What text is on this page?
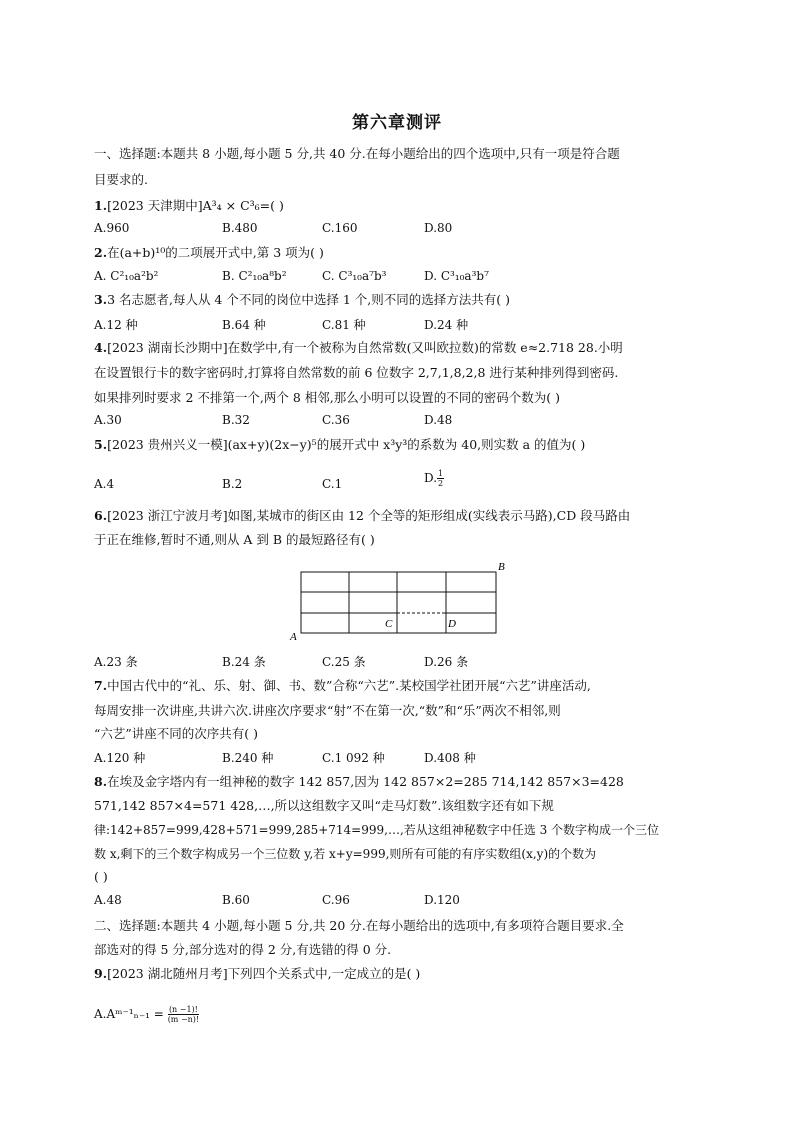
第六章测评
一、选择题:本题共 8 小题,每小题 5 分,共 40 分.在每小题给出的四个选项中,只有一项是符合题
目要求的.
1.[2023 天津期中]A³₄ × C³₆=( )
A.960	B.480	C.160	D.80
2.在(a+b)¹⁰的二项展开式中,第 3 项为( )
A. C²₁₀a²b²	B. C²₁₀a⁸b²	C. C³₁₀a⁷b³	D. C³₁₀a³b⁷
3.3 名志愿者,每人从 4 个不同的岗位中选择 1 个,则不同的选择方法共有( )
A.12 种	B.64 种	C.81 种	D.24 种
4.[2023 湖南长沙期中]在数学中,有一个被称为自然常数(又叫欧拉数)的常数 e≈2.718 28.小明
在设置银行卡的数字密码时,打算将自然常数的前 6 位数字 2,7,1,8,2,8 进行某种排列得到密码.
如果排列时要求 2 不排第一个,两个 8 相邻,那么小明可以设置的不同的密码个数为( )
A.30	B.32	C.36	D.48
5.[2023 贵州兴义一模](ax+y)(2x−y)⁵的展开式中 x³y³的系数为 40,则实数 a 的值为( )
A.4	B.2	C.1	D. $\frac{1}{2}$
6.[2023 浙江宁波月考]如图,某城市的街区由 12 个全等的矩形组成(实线表示马路),CD 段马路由
于正在维修,暂时不通,则从 A 到 B 的最短路径有( )
A
B
C	D
A.23 条	B.24 条	C.25 条	D.26 条
7.中国古代中的“礼、乐、射、御、书、数”合称“六艺”.某校国学社团开展“六艺”讲座活动,
每周安排一次讲座,共讲六次.讲座次序要求“射”不在第一次,“数”和“乐”两次不相邻,则
“六艺”讲座不同的次序共有( )
A.120 种	B.240 种	C.1 092 种	D.408 种
8.在埃及金字塔内有一组神秘的数字 142 857,因为 142 857×2=285 714,142 857×3=428
571,142 857×4=571 428,…,所以这组数字又叫“走马灯数”.该组数字还有如下规
律:142+857=999,428+571=999,285+714=999,…,若从这组神秘数字中任选 3 个数字构成一个三位
数 x,剩下的三个数字构成另一个三位数 y,若 x+y=999,则所有可能的有序实数组(x,y)的个数为
( )
A.48	B.60	C.96	D.120
二、选择题:本题共 4 小题,每小题 5 分,共 20 分.在每小题给出的选项中,有多项符合题目要求.全
部选对的得 5 分,部分选对的得 2 分,有选错的得 0 分.
9.[2023 湖北随州月考]下列四个关系式中,一定成立的是( )
A.Aᵐ⁻¹ₙ₋₁ = $\frac{(n -1)!}{(m -n)!}$
